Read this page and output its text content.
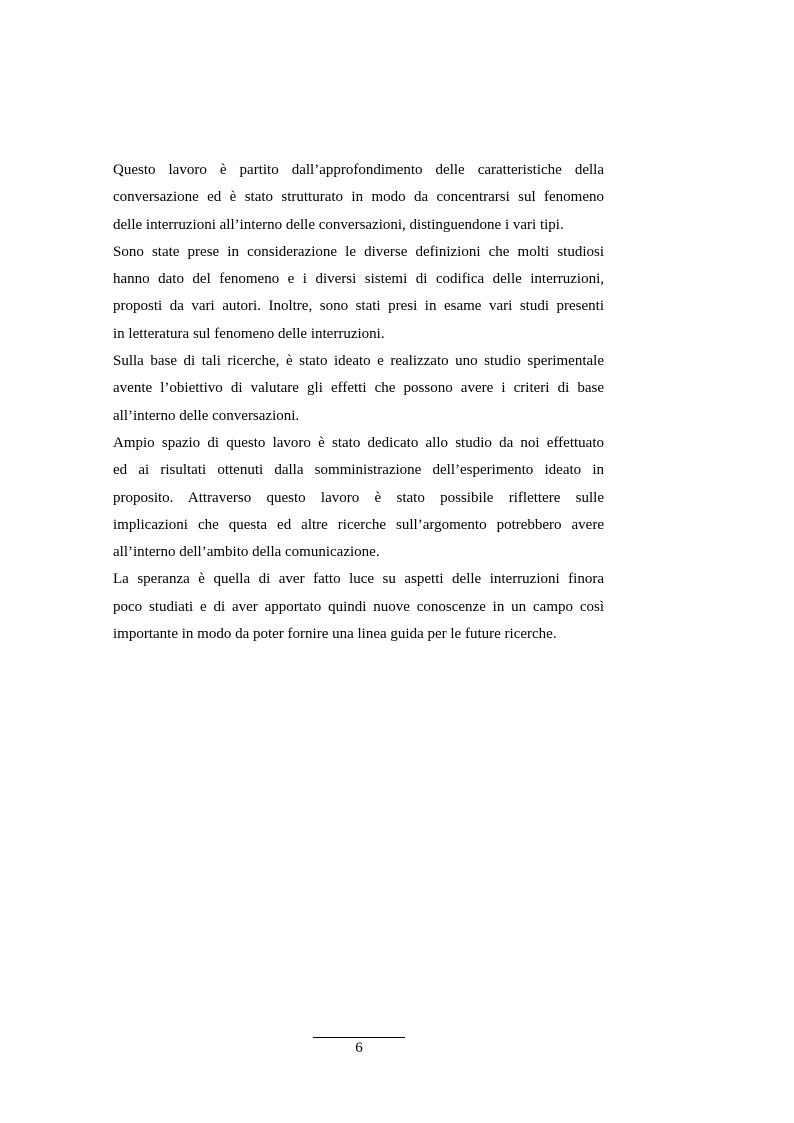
Questo lavoro è partito dall’approfondimento delle caratteristiche della
conversazione ed è stato strutturato in modo da concentrarsi sul fenomeno
delle interruzioni all’interno delle conversazioni, distinguendone i vari tipi.

Sono state prese in considerazione le diverse definizioni che molti studiosi
hanno dato del fenomeno e i diversi sistemi di codifica delle interruzioni,
proposti da vari autori. Inoltre, sono stati presi in esame vari studi presenti
in letteratura sul fenomeno delle interruzioni.

Sulla base di tali ricerche, è stato ideato e realizzato uno studio sperimentale
avente l’obiettivo di valutare gli effetti che possono avere i criteri di base
all’interno delle conversazioni.

Ampio spazio di questo lavoro è stato dedicato allo studio da noi effettuato
ed ai risultati ottenuti dalla somministrazione dell’esperimento ideato in
proposito. Attraverso questo lavoro è stato possibile riflettere sulle
implicazioni che questa ed altre ricerche sull’argomento potrebbero avere
all’interno dell’ambito della comunicazione.

La speranza è quella di aver fatto luce su aspetti delle interruzioni finora
poco studiati e di aver apportato quindi nuove conoscenze in un campo così
importante in modo da poter fornire una linea guida per le future ricerche.

6
